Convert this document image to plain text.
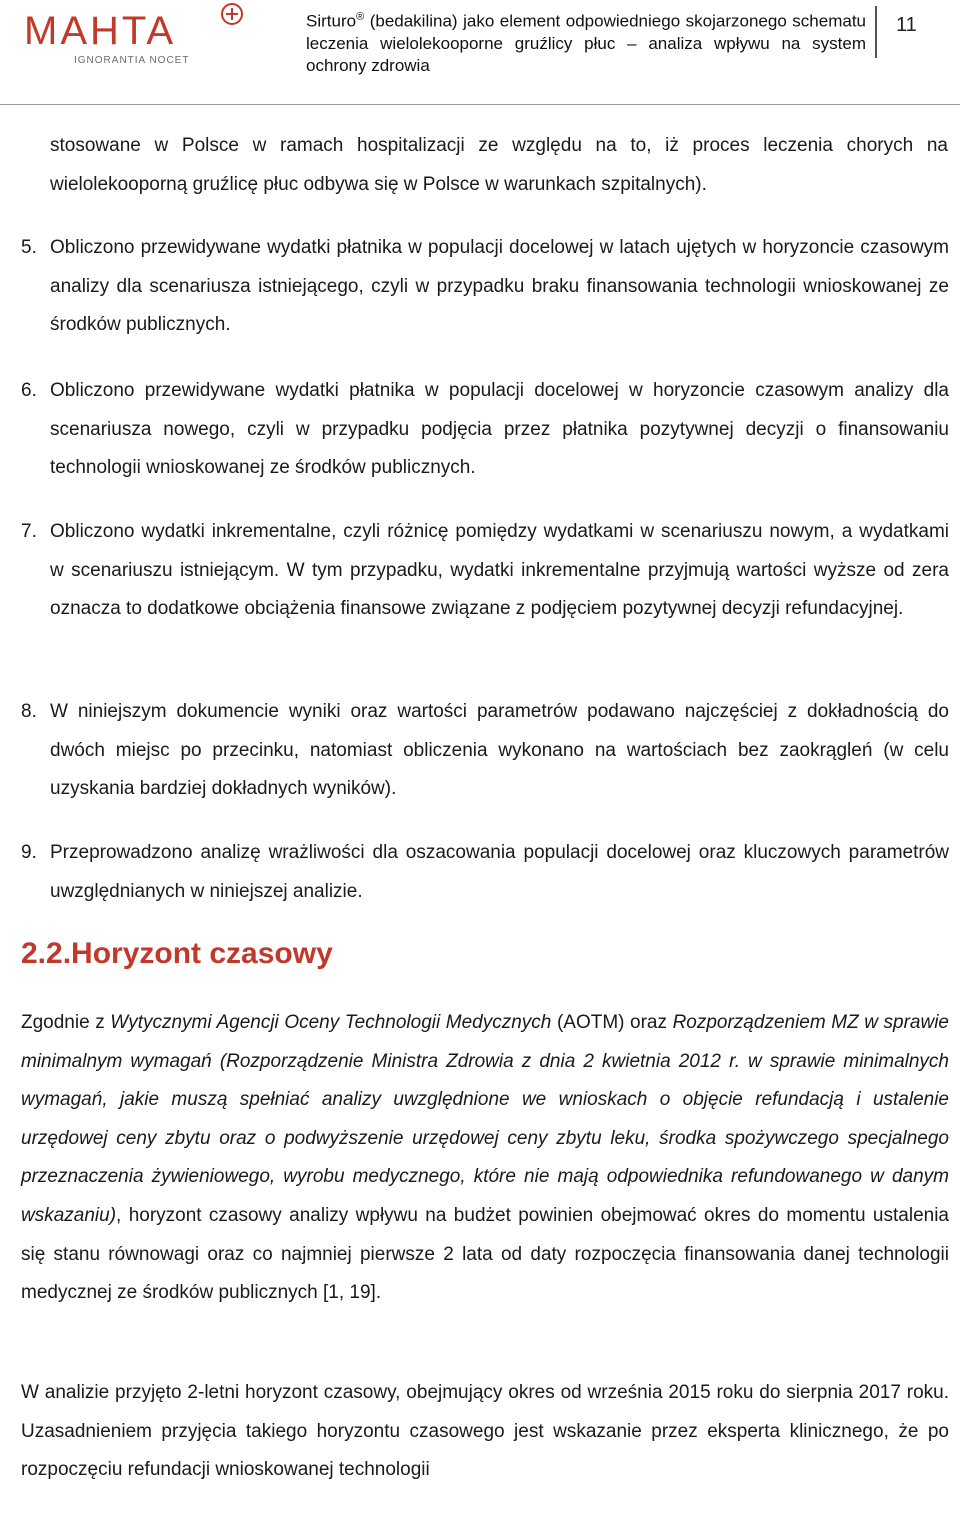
MAHTA
IGNORANTIA NOCET
Sirturo® (bedakilina) jako element odpowiedniego skojarzonego schematu leczenia wielolekooporne gruźlicy płuc – analiza wpływu na system ochrony zdrowia
11

stosowane w Polsce w ramach hospitalizacji ze względu na to, iż proces leczenia chorych na wielolekooporną gruźlicę płuc odbywa się w Polsce w warunkach szpitalnych).

5. Obliczono przewidywane wydatki płatnika w populacji docelowej w latach ujętych w horyzoncie czasowym analizy dla scenariusza istniejącego, czyli w przypadku braku finansowania technologii wnioskowanej ze środków publicznych.

6. Obliczono przewidywane wydatki płatnika w populacji docelowej w horyzoncie czasowym analizy dla scenariusza nowego, czyli w przypadku podjęcia przez płatnika pozytywnej decyzji o finansowaniu technologii wnioskowanej ze środków publicznych.

7. Obliczono wydatki inkrementalne, czyli różnicę pomiędzy wydatkami w scenariuszu nowym, a wydatkami w scenariuszu istniejącym. W tym przypadku, wydatki inkrementalne przyjmują wartości wyższe od zera oznacza to dodatkowe obciążenia finansowe związane z podjęciem pozytywnej decyzji refundacyjnej.

8. W niniejszym dokumencie wyniki oraz wartości parametrów podawano najczęściej z dokładnością do dwóch miejsc po przecinku, natomiast obliczenia wykonano na wartościach bez zaokrągleń (w celu uzyskania bardziej dokładnych wyników).

9. Przeprowadzono analizę wrażliwości dla oszacowania populacji docelowej oraz kluczowych parametrów uwzględnianych w niniejszej analizie.

2.2.Horyzont czasowy

Zgodnie z Wytycznymi Agencji Oceny Technologii Medycznych (AOTM) oraz Rozporządzeniem MZ w sprawie minimalnym wymagań (Rozporządzenie Ministra Zdrowia z dnia 2 kwietnia 2012 r. w sprawie minimalnych wymagań, jakie muszą spełniać analizy uwzględnione we wnioskach o objęcie refundacją i ustalenie urzędowej ceny zbytu oraz o podwyższenie urzędowej ceny zbytu leku, środka spożywczego specjalnego przeznaczenia żywieniowego, wyrobu medycznego, które nie mają odpowiednika refundowanego w danym wskazaniu), horyzont czasowy analizy wpływu na budżet powinien obejmować okres do momentu ustalenia się stanu równowagi oraz co najmniej pierwsze 2 lata od daty rozpoczęcia finansowania danej technologii medycznej ze środków publicznych [1, 19].

W analizie przyjęto 2-letni horyzont czasowy, obejmujący okres od września 2015 roku do sierpnia 2017 roku. Uzasadnieniem przyjęcia takiego horyzontu czasowego jest wskazanie przez eksperta klinicznego, że po rozpoczęciu refundacji wnioskowanej technologii
